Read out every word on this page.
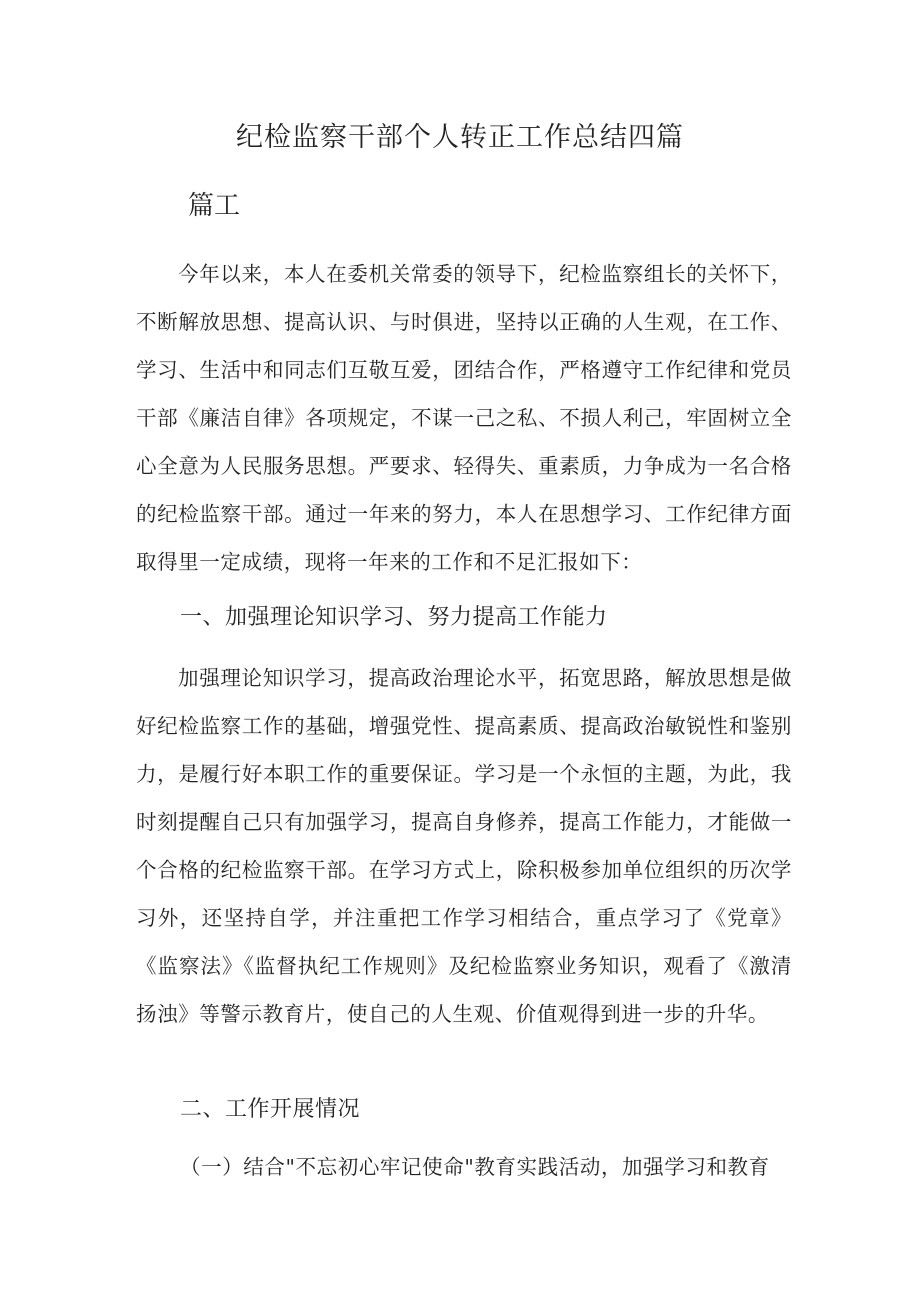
纪检监察干部个人转正工作总结四篇
篇工

今年以来，本人在委机关常委的领导下，纪检监察组长的关怀下，不断解放思想、提高认识、与时俱进，坚持以正确的人生观，在工作、学习、生活中和同志们互敬互爱，团结合作，严格遵守工作纪律和党员干部《廉洁自律》各项规定，不谋一己之私、不损人利己，牢固树立全心全意为人民服务思想。严要求、轻得失、重素质，力争成为一名合格的纪检监察干部。通过一年来的努力，本人在思想学习、工作纪律方面取得里一定成绩，现将一年来的工作和不足汇报如下：

一、加强理论知识学习、努力提高工作能力

加强理论知识学习，提高政治理论水平，拓宽思路，解放思想是做好纪检监察工作的基础，增强党性、提高素质、提高政治敏锐性和鉴别力，是履行好本职工作的重要保证。学习是一个永恒的主题，为此，我时刻提醒自己只有加强学习，提高自身修养，提高工作能力，才能做一个合格的纪检监察干部。在学习方式上，除积极参加单位组织的历次学习外，还坚持自学，并注重把工作学习相结合，重点学习了《党章》《监察法》《监督执纪工作规则》及纪检监察业务知识，观看了《激清扬浊》等警示教育片，使自己的人生观、价值观得到进一步的升华。

二、工作开展情况

（一）结合"不忘初心牢记使命"教育实践活动，加强学习和教育
